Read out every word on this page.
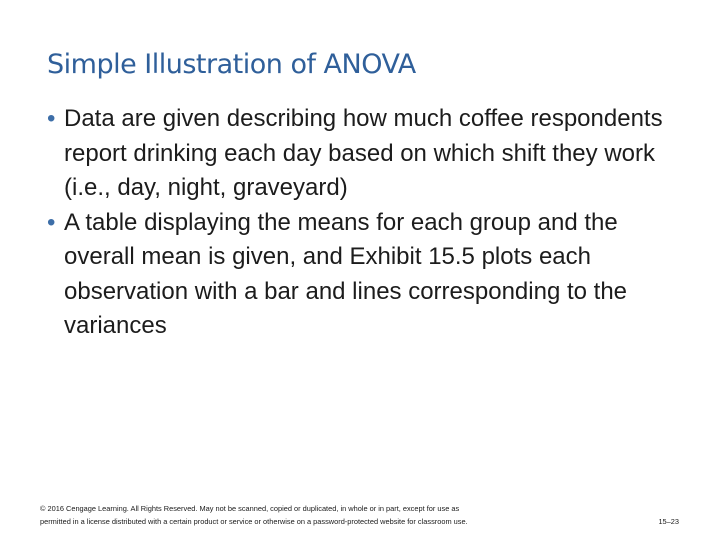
Simple Illustration of ANOVA
• Data are given describing how much coffee respondents report drinking each day based on which shift they work (i.e., day, night, graveyard)
• A table displaying the means for each group and the overall mean is given, and Exhibit 15.5 plots each observation with a bar and lines corresponding to the variances
© 2016 Cengage Learning. All Rights Reserved. May not be scanned, copied or duplicated, in whole or in part, except for use as
permitted in a license distributed with a certain product or service or otherwise on a password-protected website for classroom use.	15–23
